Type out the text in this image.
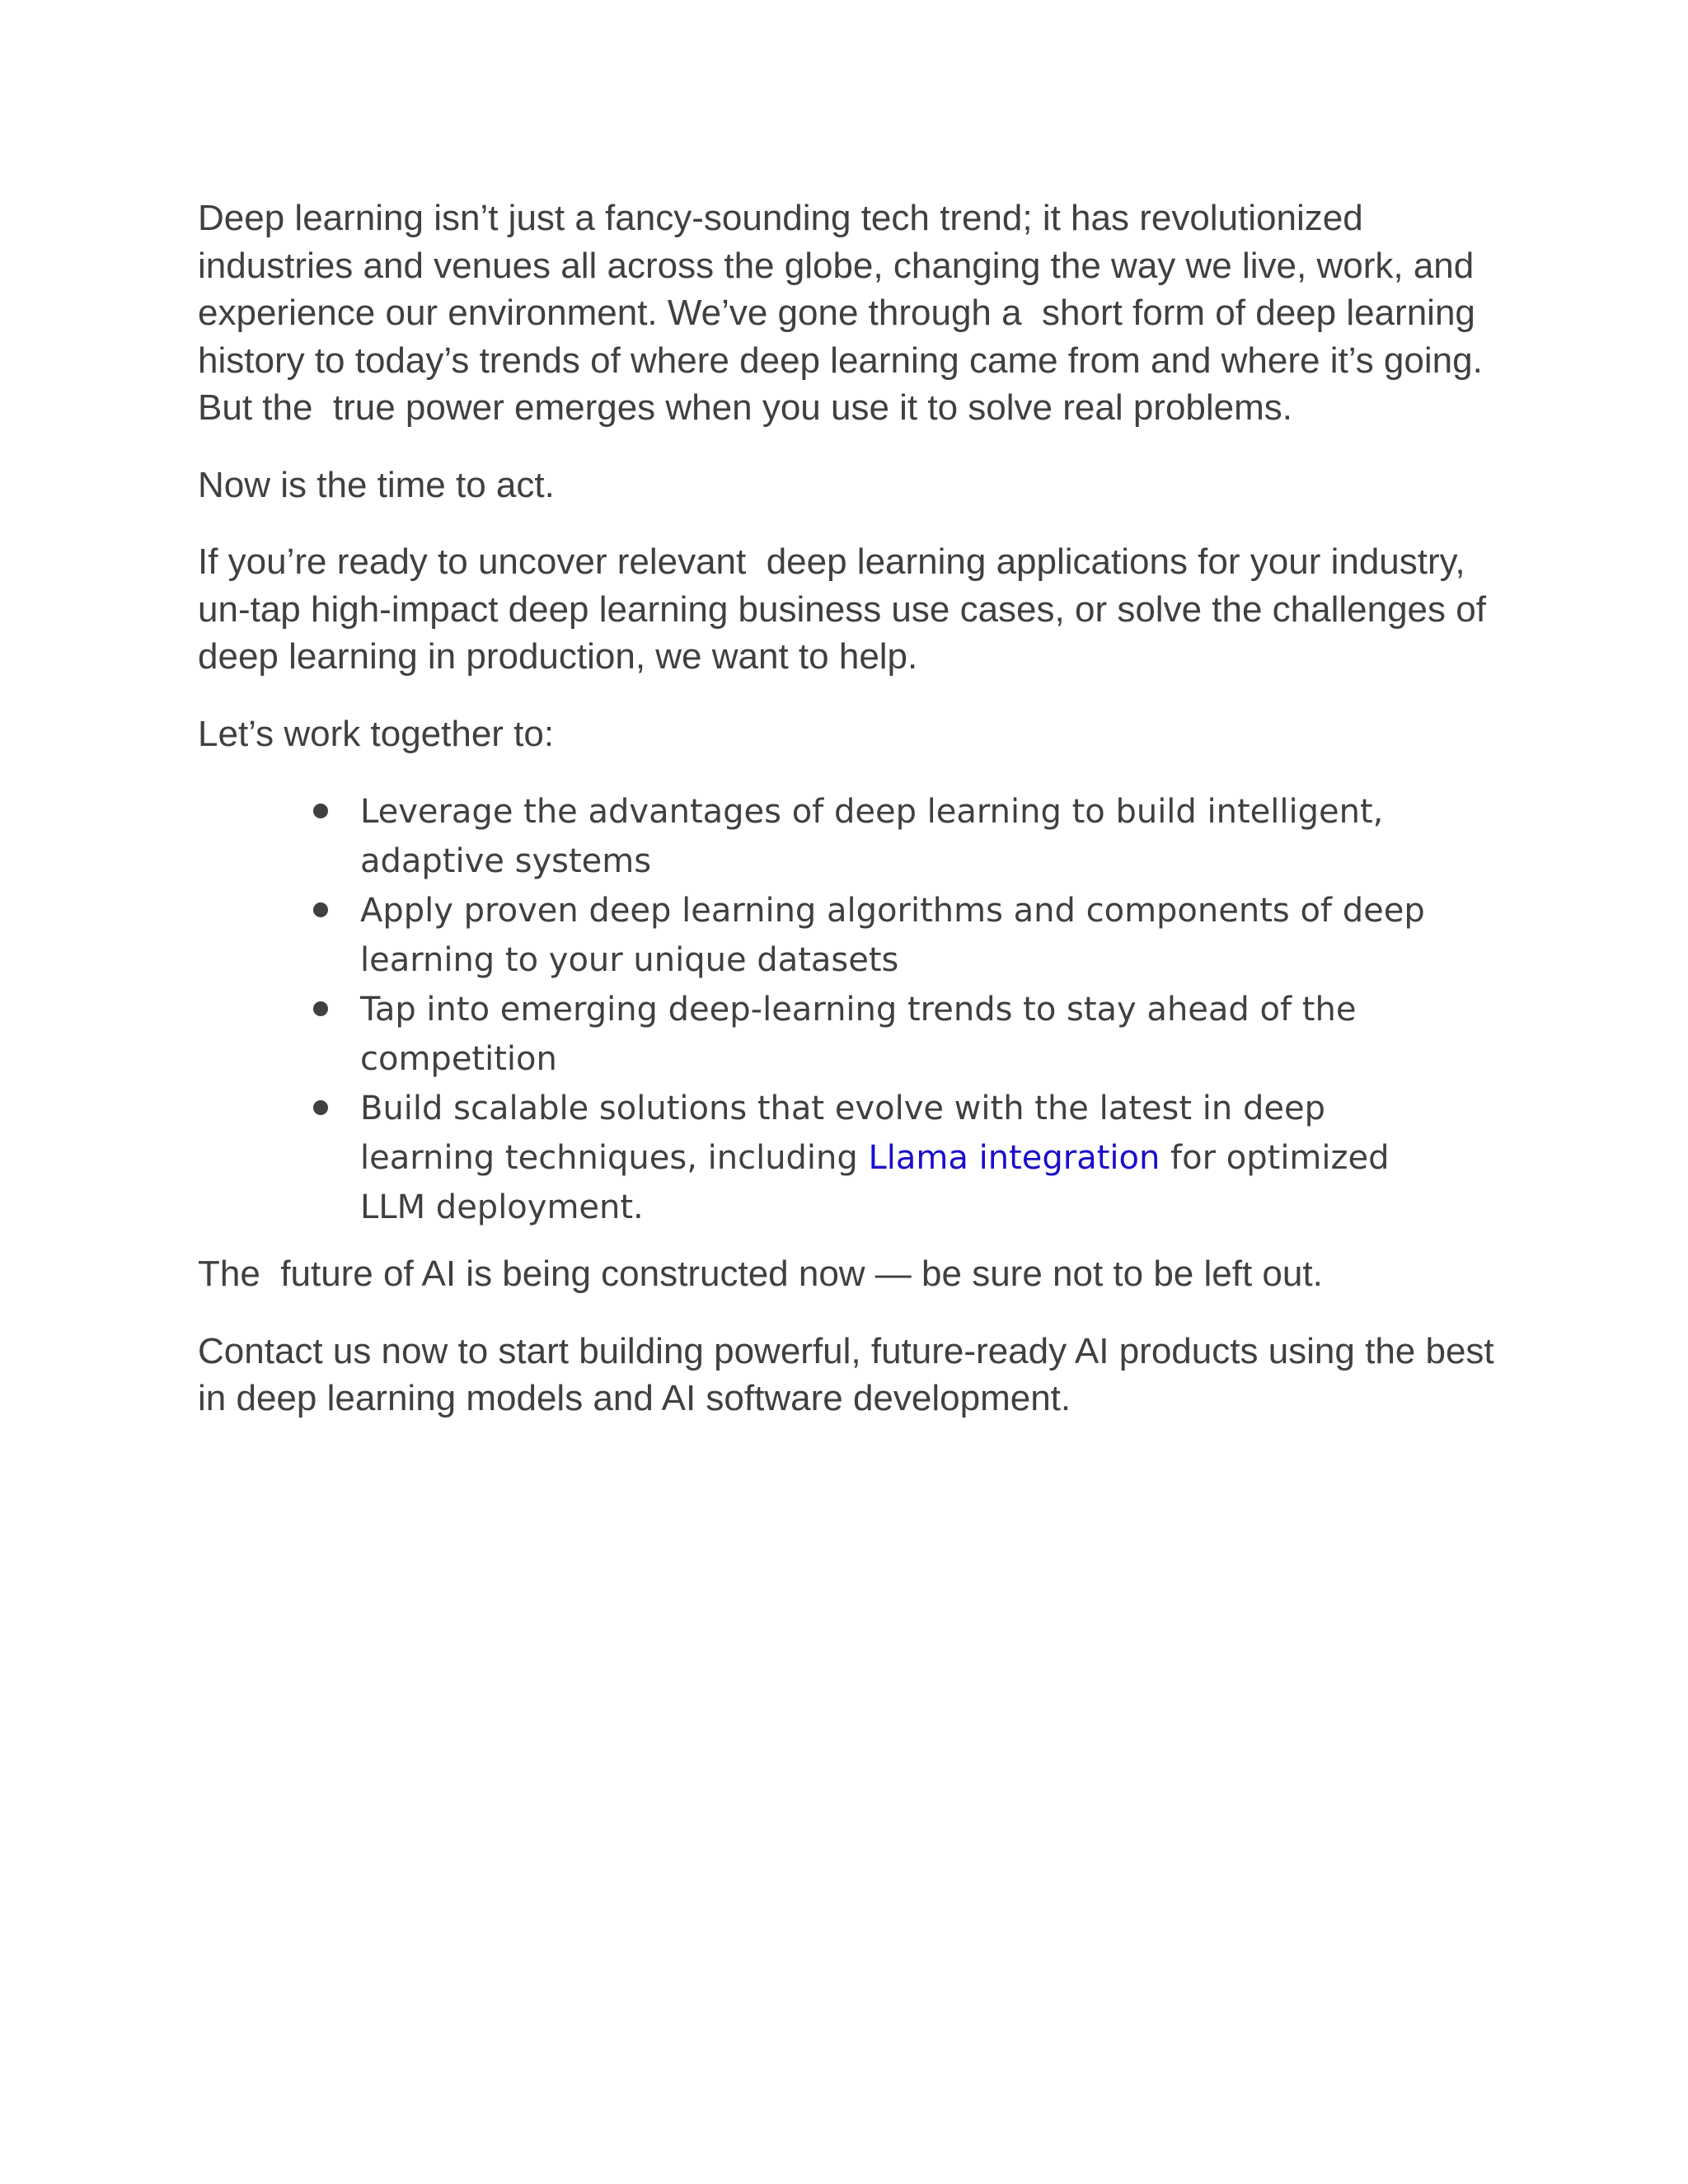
Deep learning isn’t just a fancy-sounding tech trend; it has revolutionized industries and venues all across the globe, changing the way we live, work, and  experience our environment. We’ve gone through a  short form of deep learning history to today’s trends of where deep learning came from and where it’s going. But the  true power emerges when you use it to solve real problems.

Now is the time to act.

If you’re ready to uncover relevant  deep learning applications for your industry, un-tap high-impact deep learning business use cases, or solve the challenges of deep learning in production, we want to help.

Let’s work together to:

Leverage the advantages of deep learning to build intelligent, adaptive systems
Apply proven deep learning algorithms and components of deep learning to your unique datasets
Tap into emerging deep-learning trends to stay ahead of the competition
Build scalable solutions that evolve with the latest in deep learning techniques, including Llama integration for optimized LLM deployment.

The  future of AI is being constructed now — be sure not to be left out.

Contact us now to start building powerful, future-ready AI products using the best in deep learning models and AI software development.
